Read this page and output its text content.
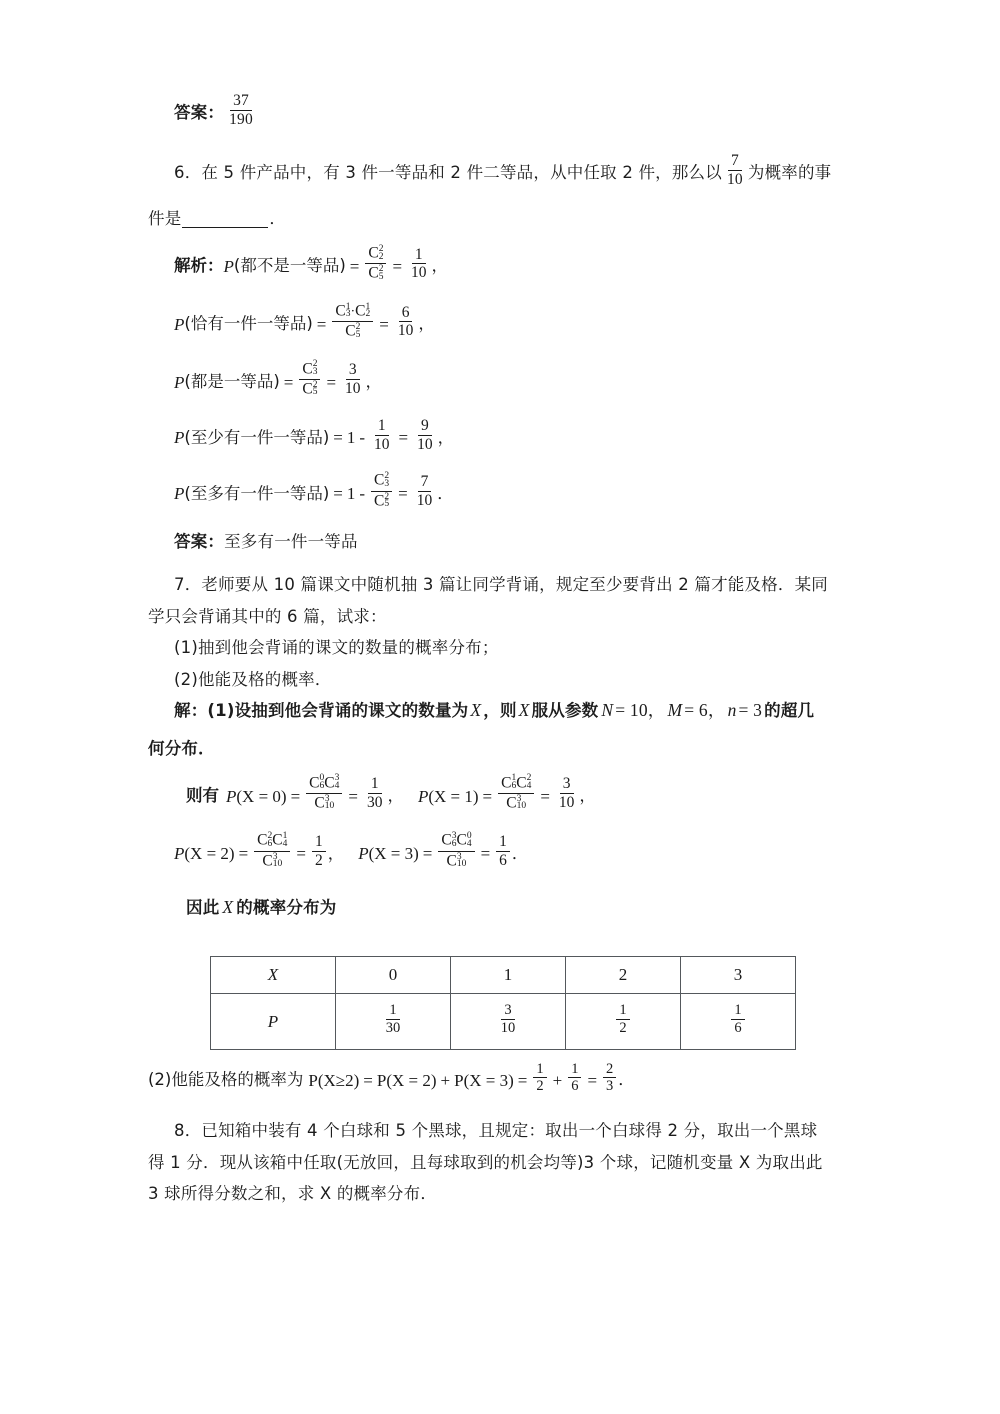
答案： $\frac{37}{190}$
6． 在 5 件产品中，有 3 件一等品和 2 件二等品，从中任取 2 件，那么以 $\frac{7}{10}$ 为概率的事
件是	．
解析： P (都不是一等品) = C 2
2
C 2
$5 = \frac{1}{10}$ ，
P (恰有一件一等品) = C 1
3 ·C 1
2
C 2
$5 = \frac{6}{10}$ ，
P (都是一等品) = C 2
3
C 2
$5 = \frac{3}{10}$ ，
P (至少有一件一等品) = $1 - \frac{1}{10} = \frac{9}{10}$ ，
P (至多有一件一等品) = 1 - C 2
3
C 2
$5 = \frac{7}{10}$ ．
答案：至多有一件一等品
7．老师要从 10 篇课文中随机抽 3 篇让同学背诵，规定至少要背出 2 篇才能及格．某同
学只会背诵其中的 6 篇，试求：
(1)抽到他会背诵的课文的数量的概率分布；
(2)他能及格的概率．
解： (1)设抽到他会背诵的课文的数量为 X ，则 X 服从参数 N = 10， M = 6， n = 3 的超几
何分布．
则有 P (X = 0) = C 0
6 C 3
4
C 3
$10 = \frac{1}{30}$ ， P (X = 1) = C 1
6 C 2
4
C 3
$10 = \frac{3}{10}$ ，
P (X = 2) = C 2
6 C 1
4
C 3
$10 = \frac{1}{2}$ ， P (X = 3) = C 3
6 C 0
4
C 3
$10 = \frac{1}{6}$ ．
因此 X 的概率分布为
X	0	1	2	3
P	$\frac{1}{30}$	$\frac{3}{10}$	$\frac{1}{2}$	$\frac{1}{6}$
(2)他能及格的概率为 $P(X\ge 2) = P(X = 2) + P(X = 3) = \frac{1}{2} + \frac{1}{6} = \frac{2}{3}$ ．
8．已知箱中装有 4 个白球和 5 个黑球，且规定：取出一个白球得 2 分，取出一个黑球
得 1 分．现从该箱中任取(无放回，且每球取到的机会均等)3 个球，记随机变量 X 为取出此
3 球所得分数之和，求 X 的概率分布．
